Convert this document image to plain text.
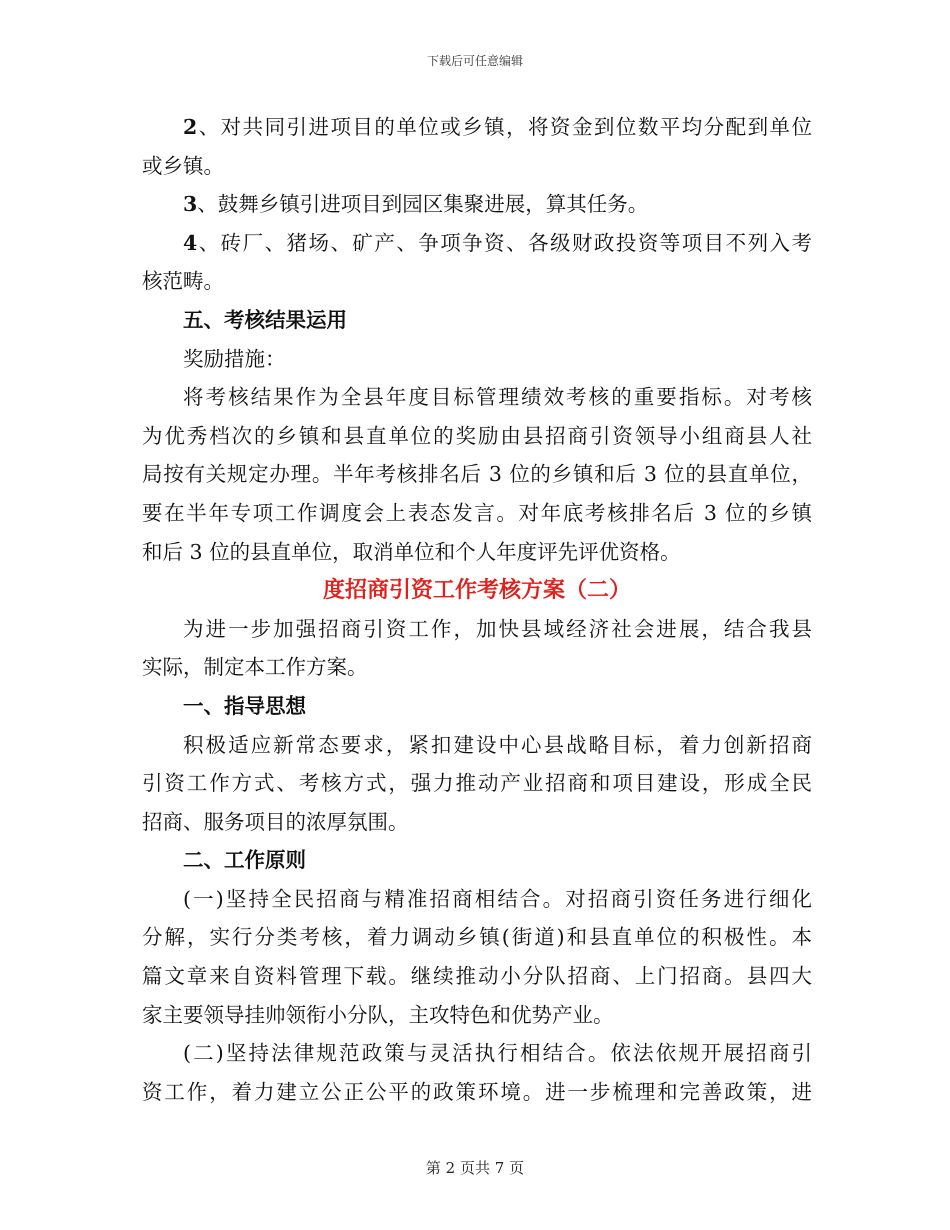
下载后可任意编辑
2、对共同引进项目的单位或乡镇，将资金到位数平均分配到单位
或乡镇。
3、鼓舞乡镇引进项目到园区集聚进展，算其任务。
4、砖厂、猪场、矿产、争项争资、各级财政投资等项目不列入考
核范畴。
五、考核结果运用
奖励措施：
将考核结果作为全县年度目标管理绩效考核的重要指标。对考核
为优秀档次的乡镇和县直单位的奖励由县招商引资领导小组商县人社
局按有关规定办理。半年考核排名后 3 位的乡镇和后 3 位的县直单位，
要在半年专项工作调度会上表态发言。对年底考核排名后 3 位的乡镇
和后 3 位的县直单位，取消单位和个人年度评先评优资格。
度招商引资工作考核方案（二）
为进一步加强招商引资工作，加快县域经济社会进展，结合我县
实际，制定本工作方案。
一、指导思想
积极适应新常态要求，紧扣建设中心县战略目标，着力创新招商
引资工作方式、考核方式，强力推动产业招商和项目建设，形成全民
招商、服务项目的浓厚氛围。
二、工作原则
(一)坚持全民招商与精准招商相结合。对招商引资任务进行细化
分解，实行分类考核，着力调动乡镇(街道)和县直单位的积极性。本
篇文章来自资料管理下载。继续推动小分队招商、上门招商。县四大
家主要领导挂帅领衔小分队，主攻特色和优势产业。
(二)坚持法律规范政策与灵活执行相结合。依法依规开展招商引
资工作，着力建立公正公平的政策环境。进一步梳理和完善政策，进
第 2 页共 7 页
